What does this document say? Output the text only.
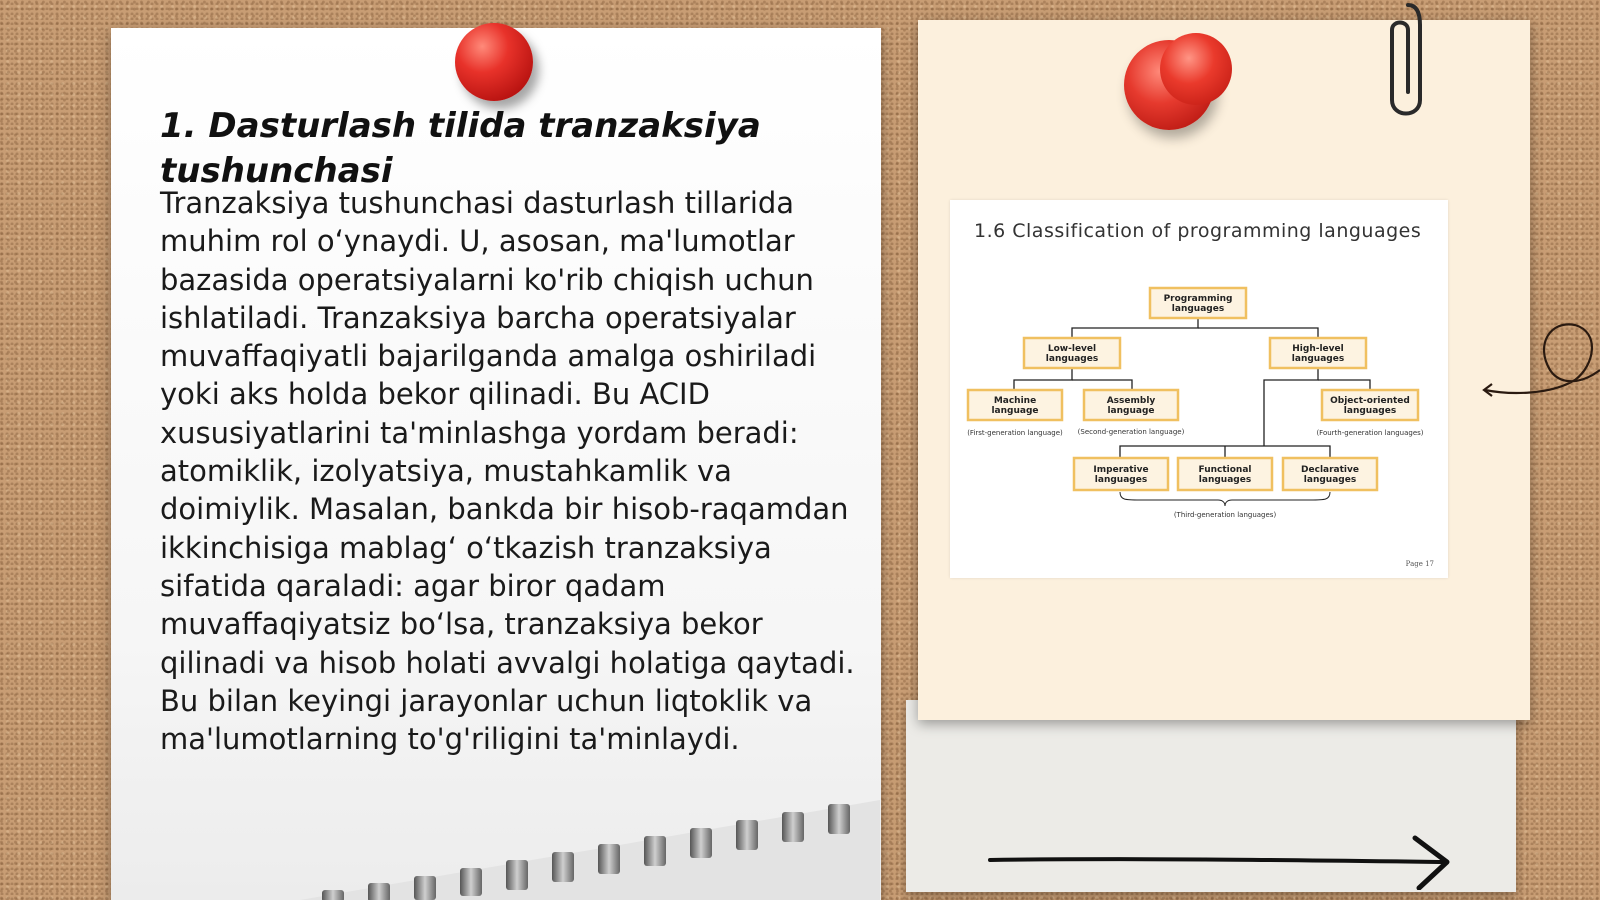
1. Dasturlash tilida tranzaksiya tushunchasi

Tranzaksiya tushunchasi dasturlash tillarida muhim rol o‘ynaydi. U, asosan, ma'lumotlar bazasida operatsiyalarni ko'rib chiqish uchun ishlatiladi. Tranzaksiya barcha operatsiyalar muvaffaqiyatli bajarilganda amalga oshiriladi yoki aks holda bekor qilinadi. Bu ACID xususiyatlarini ta'minlashga yordam beradi: atomiklik, izolyatsiya, mustahkamlik va doimiylik. Masalan, bankda bir hisob-raqamdan ikkinchisiga mablag‘ o‘tkazish tranzaksiya sifatida qaraladi: agar biror qadam muvaffaqiyatsiz bo‘lsa, tranzaksiya bekor qilinadi va hisob holati avvalgi holatiga qaytadi. Bu bilan keyingi jarayonlar uchun liqtoklik va ma'lumotlarning to'g'riligini ta'minlaydi.

1.6 Classification of programming languages

Programming
languages
Low-level
languages
High-level
languages
Machine
language
(First-generation language)
Assembly
language
(Second-generation language)
Object-oriented
languages
(Fourth-generation languages)
Imperative
languages
Functional
languages
Declarative
languages
(Third-generation languages)
Page 17
